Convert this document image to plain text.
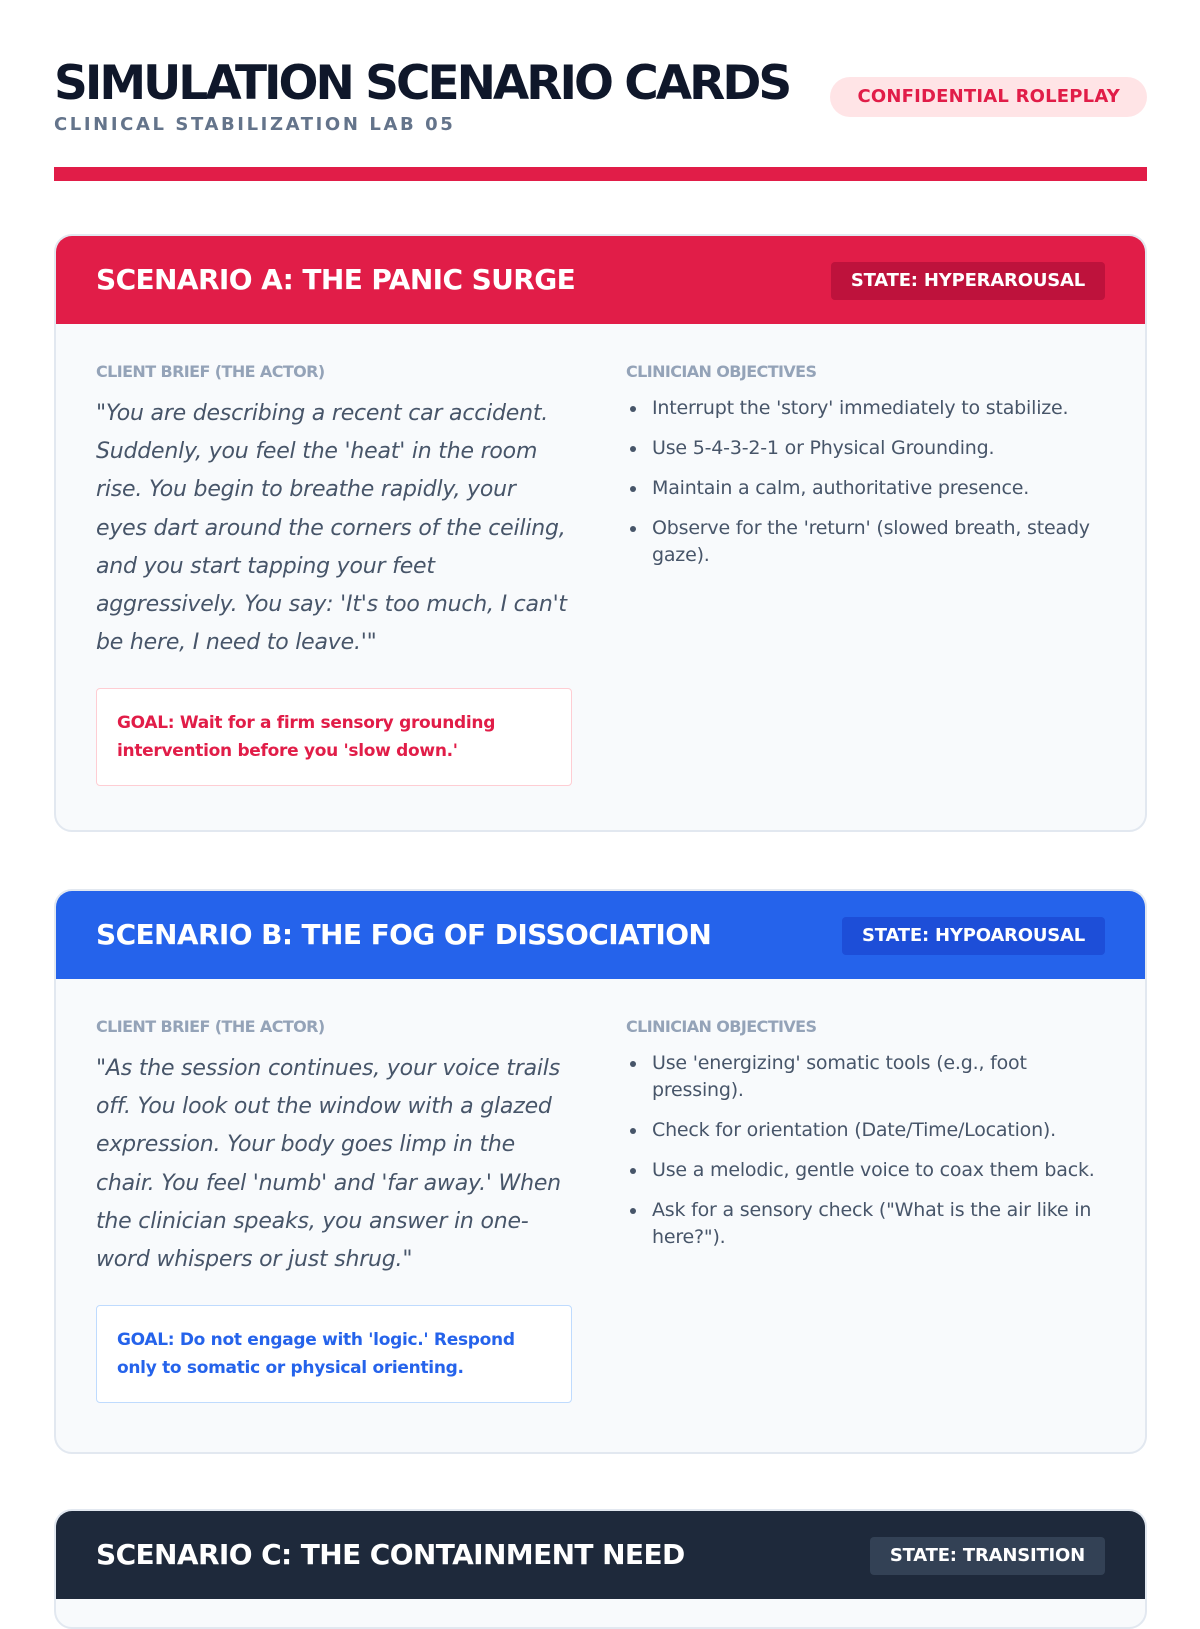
SIMULATION SCENARIO CARDS
CLINICAL STABILIZATION LAB 05
CONFIDENTIAL ROLEPLAY
SCENARIO A: THE PANIC SURGE	STATE: HYPERAROUSAL
CLIENT BRIEF (THE ACTOR)

"You are describing a recent car accident. Suddenly, you feel the 'heat' in the room rise. You begin to breathe rapidly, your eyes dart around the corners of the ceiling, and you start tapping your feet aggressively. You say: 'It's too much, I can't be here, I need to leave.'"

GOAL: Wait for a firm sensory grounding intervention before you 'slow down.'
CLINICIAN OBJECTIVES
Interrupt the 'story' immediately to stabilize.
Use 5-4-3-2-1 or Physical Grounding.
Maintain a calm, authoritative presence.
Observe for the 'return' (slowed breath, steady gaze).
SCENARIO B: THE FOG OF DISSOCIATION	STATE: HYPOAROUSAL
CLIENT BRIEF (THE ACTOR)

"As the session continues, your voice trails off. You look out the window with a glazed expression. Your body goes limp in the chair. You feel 'numb' and 'far away.' When the clinician speaks, you answer in one-word whispers or just shrug."

GOAL: Do not engage with 'logic.' Respond only to somatic or physical orienting.
CLINICIAN OBJECTIVES
Use 'energizing' somatic tools (e.g., foot pressing).
Check for orientation (Date/Time/Location).
Use a melodic, gentle voice to coax them back.
Ask for a sensory check ("What is the air like in here?").
SCENARIO C: THE CONTAINMENT NEED	STATE: TRANSITION
